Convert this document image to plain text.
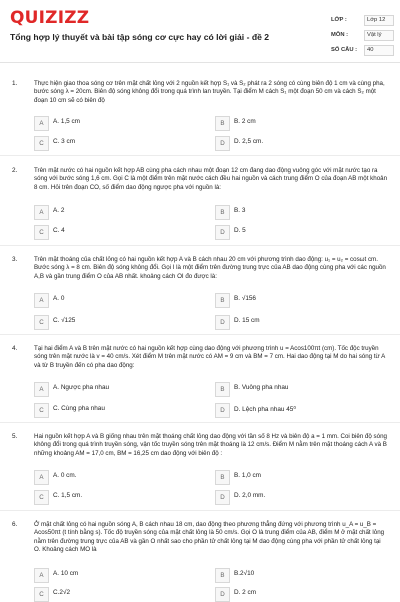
QUIZIZZ
Tổng hợp lý thuyết và bài tập sóng cơ cực hay có lời giải - đề 2
LỚP :	Lớp 12
MÔN :	Vật lý
SỐ CÂU :	40
1.	Thực hiện giao thoa sóng cơ trên mặt chất lỏng với 2 nguồn kết hợp S₁ và S₂ phát ra 2 sóng có cùng biên độ 1 cm và cùng pha, bước sóng λ = 20cm. Biên độ sóng không đổi trong quá trình lan truyền. Tại điểm M cách S₁ một đoạn 50 cm và cách S₂ một đoạn 10 cm sẽ có biên độ
A	A. 1,5 cm	B	B. 2 cm
C	C. 3 cm	D	D. 2,5 cm.
2.	Trên mặt nước có hai nguồn kết hợp AB cùng pha cách nhau một đoạn 12 cm đang dao động vuông góc với mặt nước tạo ra sóng với bước sóng 1,6 cm. Gọi C là một điểm trên mặt nước cách đều hai nguồn và cách trung điểm O của đoạn AB một khoản 8 cm. Hỏi trên đoạn CO, số điểm dao động ngược pha với nguồn là:
A	A. 2	B	B. 3
C	C. 4	D	D. 5
3.	Trên mặt thoáng của chất lỏng có hai nguồn kết hợp A và B cách nhau 20 cm với phương trình dao động: u₁ = u₂ = cosωt cm. Bước sóng λ = 8 cm. Biên độ sóng không đổi. Gọi I là một điểm trên đường trung trực của AB dao động cùng pha với các nguồn A,B và gần trung điểm O của AB nhất. khoảng cách OI đo được là:
A	A. 0	B	B. √156
C	C. √125	D	D. 15 cm
4.	Tại hai điểm A và B trên mặt nước có hai nguồn kết hợp cùng dao động với phương trình u = Acos100πt (cm). Tốc độc truyền sóng trên mặt nước là v = 40 cm/s. Xét điểm M trên mặt nước có AM = 9 cm và BM = 7 cm. Hai dao động tại M do hai sóng từ A và từ B truyền đến có pha dao động:
A	A. Ngược pha nhau	B	B. Vuông pha nhau
C	C. Cùng pha nhau	D	D. Lệch pha nhau 45⁰
5.	Hai nguồn kết hợp A và B giống nhau trên mặt thoáng chất lỏng dao động với tần số 8 Hz và biên độ a = 1 mm. Coi biên độ sóng không đổi trong quá trình truyền sóng, vận tốc truyền sóng trên mặt thoáng là 12 cm/s. Điểm M nằm trên mặt thoáng cách A và B những khoảng AM = 17,0 cm, BM = 16,25 cm dao động với biên độ :
A	A. 0 cm.	B	B. 1,0 cm
C	C. 1,5 cm.	D	D. 2,0 mm.
6.	Ở mặt chất lỏng có hai nguồn sóng A, B cách nhau 18 cm, dao động theo phương thẳng đứng với phương trình u_A = u_B = Acos50πt (t tính bằng s). Tốc độ truyền sóng của mặt chất lỏng là 50 cm/s. Gọi O là trung điểm của AB, điểm M ở mặt chất lỏng nằm trên đường trung trực của AB và gần O nhất sao cho phần tử chất lỏng tại M dao động cùng pha với phần tử chất lỏng tại O. Khoảng cách MO là
A	A. 10 cm	B	B.2√10
C	C.2√2	D	D. 2 cm
